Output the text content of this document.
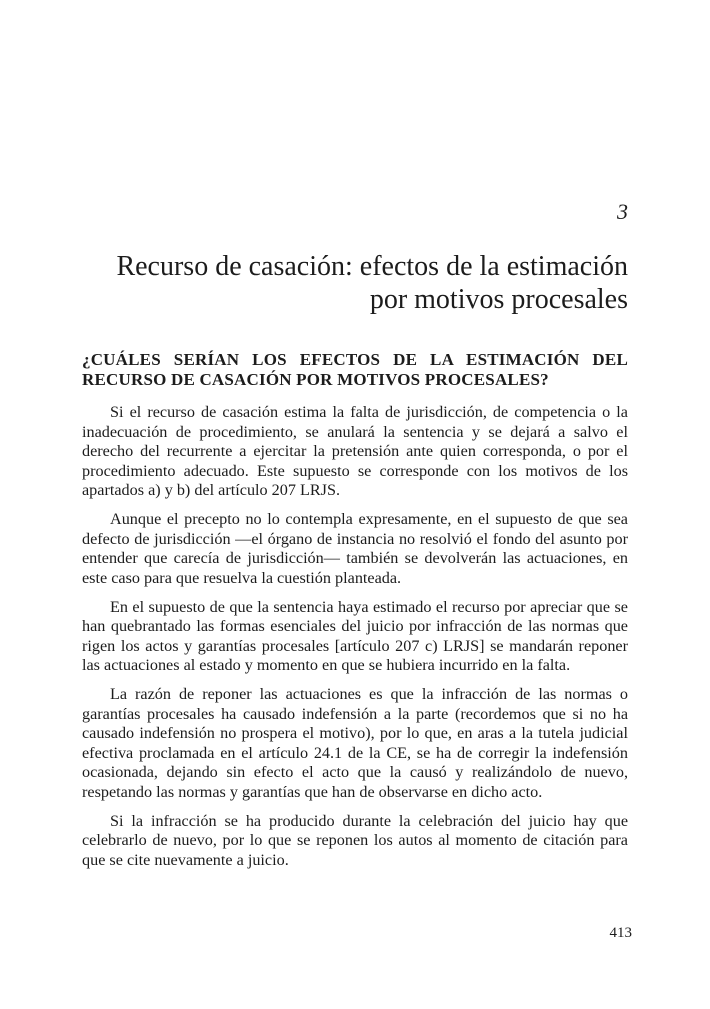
3
Recurso de casación: efectos de la estimación por motivos procesales
¿CUÁLES SERÍAN LOS EFECTOS DE LA ESTIMACIÓN DEL RECURSO DE CASACIÓN POR MOTIVOS PROCESALES?

Si el recurso de casación estima la falta de jurisdicción, de competencia o la inadecuación de procedimiento, se anulará la sentencia y se dejará a salvo el derecho del recurrente a ejercitar la pretensión ante quien corresponda, o por el procedimiento adecuado. Este supuesto se corresponde con los motivos de los apartados a) y b) del artículo 207 LRJS.

Aunque el precepto no lo contempla expresamente, en el supuesto de que sea defecto de jurisdicción —el órgano de instancia no resolvió el fondo del asunto por entender que carecía de jurisdicción— también se devolverán las actuaciones, en este caso para que resuelva la cuestión planteada.

En el supuesto de que la sentencia haya estimado el recurso por apreciar que se han quebrantado las formas esenciales del juicio por infracción de las normas que rigen los actos y garantías procesales [artículo 207 c) LRJS] se mandarán reponer las actuaciones al estado y momento en que se hubiera incurrido en la falta.

La razón de reponer las actuaciones es que la infracción de las normas o garantías procesales ha causado indefensión a la parte (recordemos que si no ha causado indefensión no prospera el motivo), por lo que, en aras a la tutela judicial efectiva proclamada en el artículo 24.1 de la CE, se ha de corregir la indefensión ocasionada, dejando sin efecto el acto que la causó y realizándolo de nuevo, respetando las normas y garantías que han de observarse en dicho acto.

Si la infracción se ha producido durante la celebración del juicio hay que celebrarlo de nuevo, por lo que se reponen los autos al momento de citación para que se cite nuevamente a juicio.

413
